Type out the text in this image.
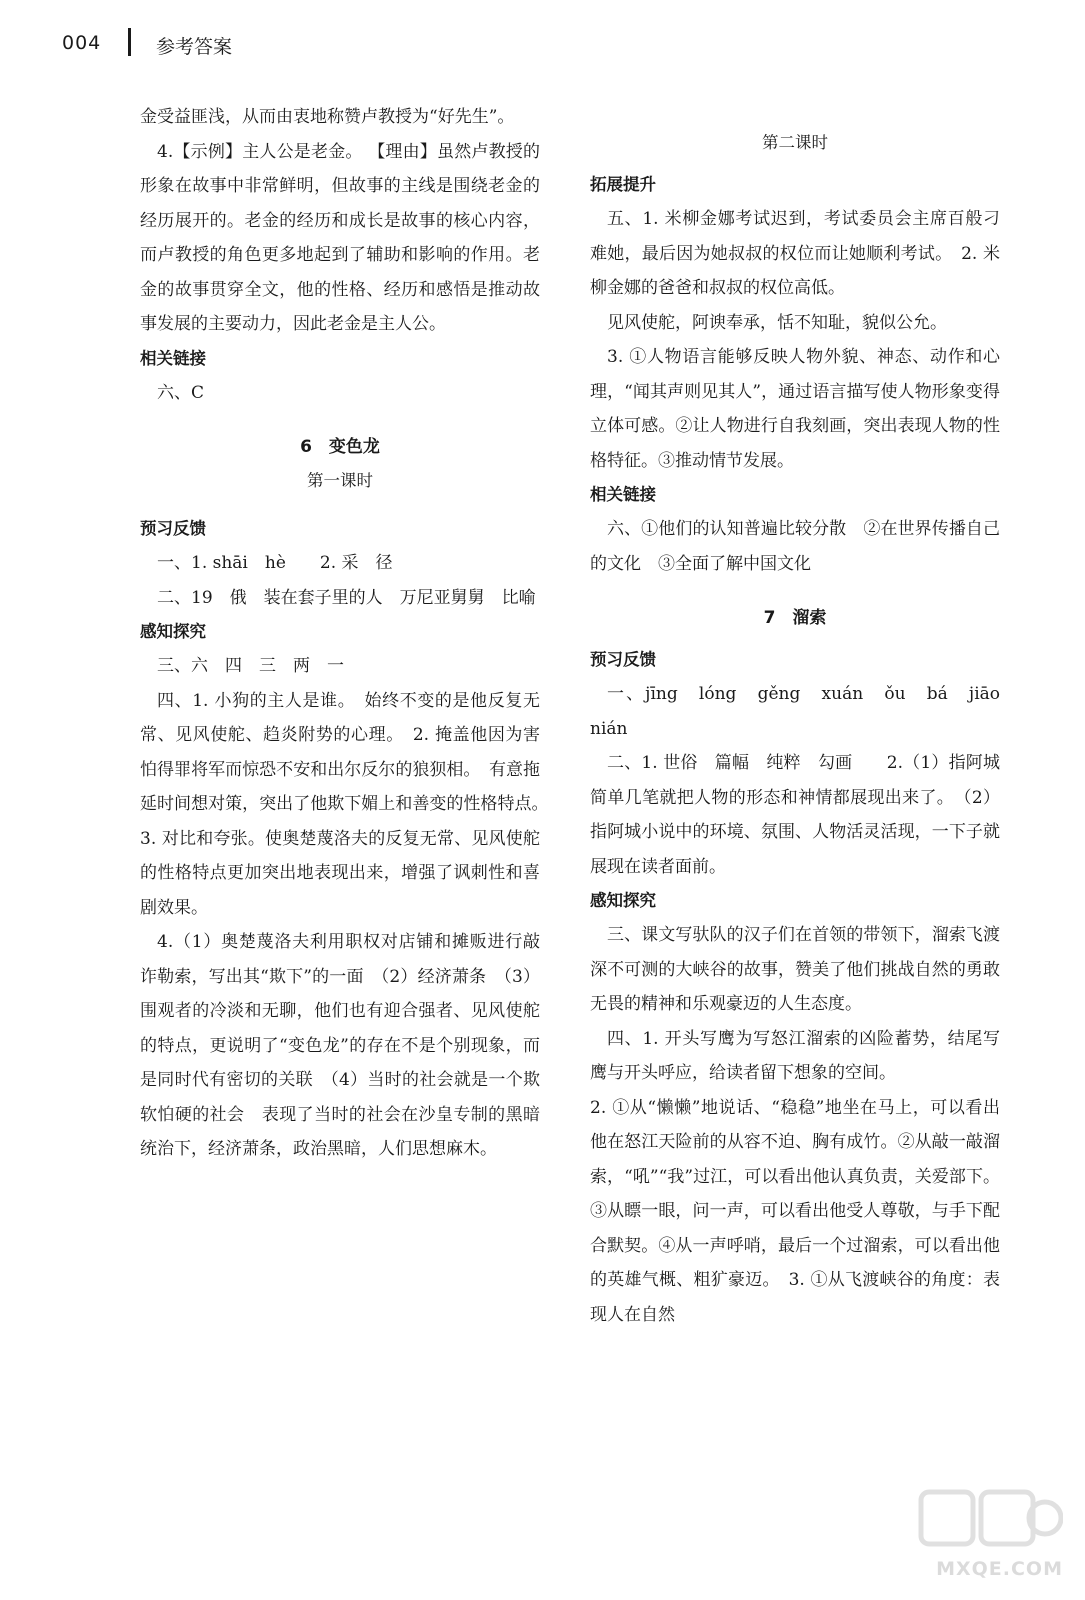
004	参考答案

金受益匪浅，从而由衷地称赞卢教授为“好先生”。

4.【示例】主人公是老金。 【理由】虽然卢教授的形象在故事中非常鲜明，但故事的主线是围绕老金的经历展开的。老金的经历和成长是故事的核心内容，而卢教授的角色更多地起到了辅助和影响的作用。老金的故事贯穿全文，他的性格、经历和感悟是推动故事发展的主要动力，因此老金是主人公。

相关链接

六、C

6　变色龙

第一课时

预习反馈

一、1. shāi　hè　　2. 采　径

二、19　俄　装在套子里的人　万尼亚舅舅　比喻

感知探究

三、六　四　三　两　一

四、1. 小狗的主人是谁。　始终不变的是他反复无常、见风使舵、趋炎附势的心理。　2. 掩盖他因为害怕得罪将军而惊恐不安和出尔反尔的狼狈相。　有意拖延时间想对策，突出了他欺下媚上和善变的性格特点。　3. 对比和夸张。使奥楚蔑洛夫的反复无常、见风使舵的性格特点更加突出地表现出来，增强了讽刺性和喜剧效果。

4.（1）奥楚蔑洛夫利用职权对店铺和摊贩进行敲诈勒索，写出其“欺下”的一面　（2）经济萧条　（3）围观者的冷淡和无聊，他们也有迎合强者、见风使舵的特点，更说明了“变色龙”的存在不是个别现象，而是同时代有密切的关联　（4）当时的社会就是一个欺软怕硬的社会　表现了当时的社会在沙皇专制的黑暗统治下，经济萧条，政治黑暗，人们思想麻木。

第二课时

拓展提升

五、1. 米柳金娜考试迟到，考试委员会主席百般刁难她，最后因为她叔叔的权位而让她顺利考试。　2. 米柳金娜的爸爸和叔叔的权位高低。

见风使舵，阿谀奉承，恬不知耻，貌似公允。

3. ①人物语言能够反映人物外貌、神态、动作和心理，“闻其声则见其人”，通过语言描写使人物形象变得立体可感。②让人物进行自我刻画，突出表现人物的性格特征。③推动情节发展。

相关链接

六、①他们的认知普遍比较分散　②在世界传播自己的文化　③全面了解中国文化

7　溜索

预习反馈

一、jīng　lóng　gěng　xuán　ǒu　bá　jiāo　nián

二、1. 世俗　篇幅　纯粹　勾画　　2.（1）指阿城简单几笔就把人物的形态和神情都展现出来了。　（2）指阿城小说中的环境、氛围、人物活灵活现，一下子就展现在读者面前。

感知探究

三、课文写驮队的汉子们在首领的带领下，溜索飞渡深不可测的大峡谷的故事，赞美了他们挑战自然的勇敢无畏的精神和乐观豪迈的人生态度。

四、1. 开头写鹰为写怒江溜索的凶险蓄势，结尾写鹰与开头呼应，给读者留下想象的空间。

2. ①从“懒懒”地说话、“稳稳”地坐在马上，可以看出他在怒江天险前的从容不迫、胸有成竹。②从敲一敲溜索，“吼”“我”过江，可以看出他认真负责，关爱部下。③从瞟一眼，问一声，可以看出他受人尊敬，与手下配合默契。④从一声呼哨，最后一个过溜索，可以看出他的英雄气概、粗犷豪迈。　3. ①从飞渡峡谷的角度：表现人在自然

MXQE.COM
